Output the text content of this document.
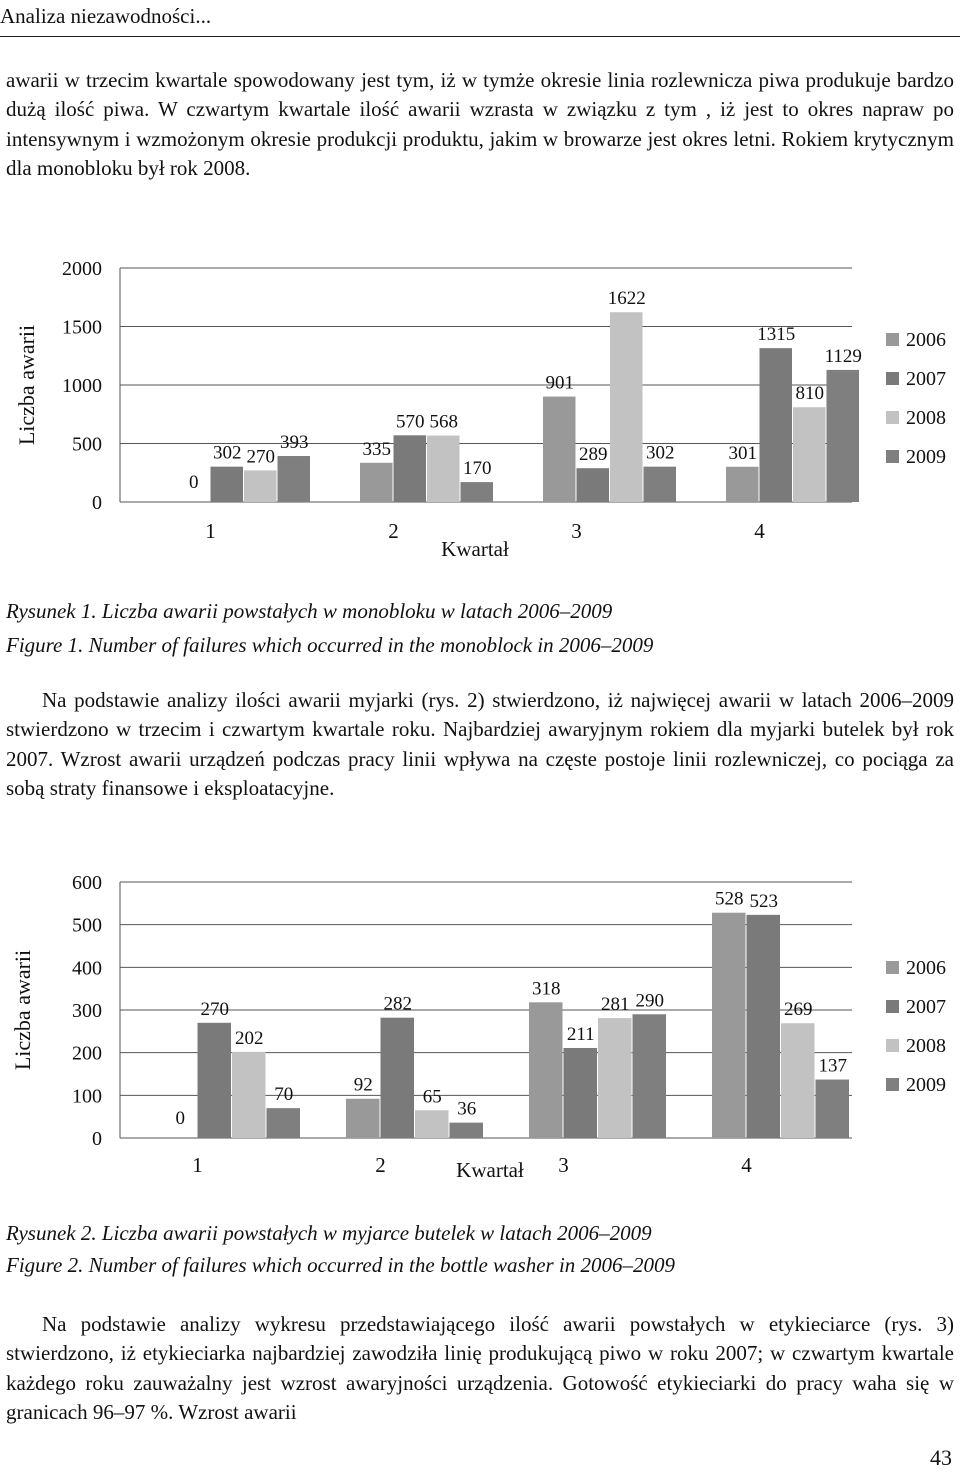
Analiza niezawodności...
awarii w trzecim kwartale spowodowany jest tym, iż w tymże okresie linia rozlewnicza piwa produkuje bardzo dużą ilość piwa. W czwartym kwartale ilość awarii wzrasta w związku z tym , iż jest to okres napraw po intensywnym i wzmożonym okresie produkcji produktu, jakim w browarze jest okres letni. Rokiem krytycznym dla monobloku był rok 2008.
0
500
1000
1500
2000
Liczba awarii
0
302 270
393
1
335
570 568
170
2
901
289
1622
302
3
301
1315
810
1129
4
Kwartał
2006
2007
2008
2009
Rysunek 1. Liczba awarii powstałych w monobloku w latach 2006–2009
Figure 1. Number of failures which occurred in the monoblock in 2006–2009
Na podstawie analizy ilości awarii myjarki (rys. 2) stwierdzono, iż najwięcej awarii w latach 2006–2009 stwierdzono w trzecim i czwartym kwartale roku. Najbardziej awaryjnym rokiem dla myjarki butelek był rok 2007. Wzrost awarii urządzeń podczas pracy linii wpływa na częste postoje linii rozlewniczej, co pociąga za sobą straty finansowe i eksploatacyjne.
0
100
200
300
400
500
600
Liczba awarii
0
270
202
70
1
92
282
65
36
2
318
211
281 290
3
528 523
269
137
4
Kwartał
2006
2007
2008
2009
Rysunek 2. Liczba awarii powstałych w myjarce butelek w latach 2006–2009
Figure 2. Number of failures which occurred in the bottle washer in 2006–2009
Na podstawie analizy wykresu przedstawiającego ilość awarii powstałych w etykieciarce (rys. 3) stwierdzono, iż etykieciarka najbardziej zawodziła linię produkującą piwo w roku 2007; w czwartym kwartale każdego roku zauważalny jest wzrost awaryjności urządzenia. Gotowość etykieciarki do pracy waha się w granicach 96–97 %. Wzrost awarii
43
